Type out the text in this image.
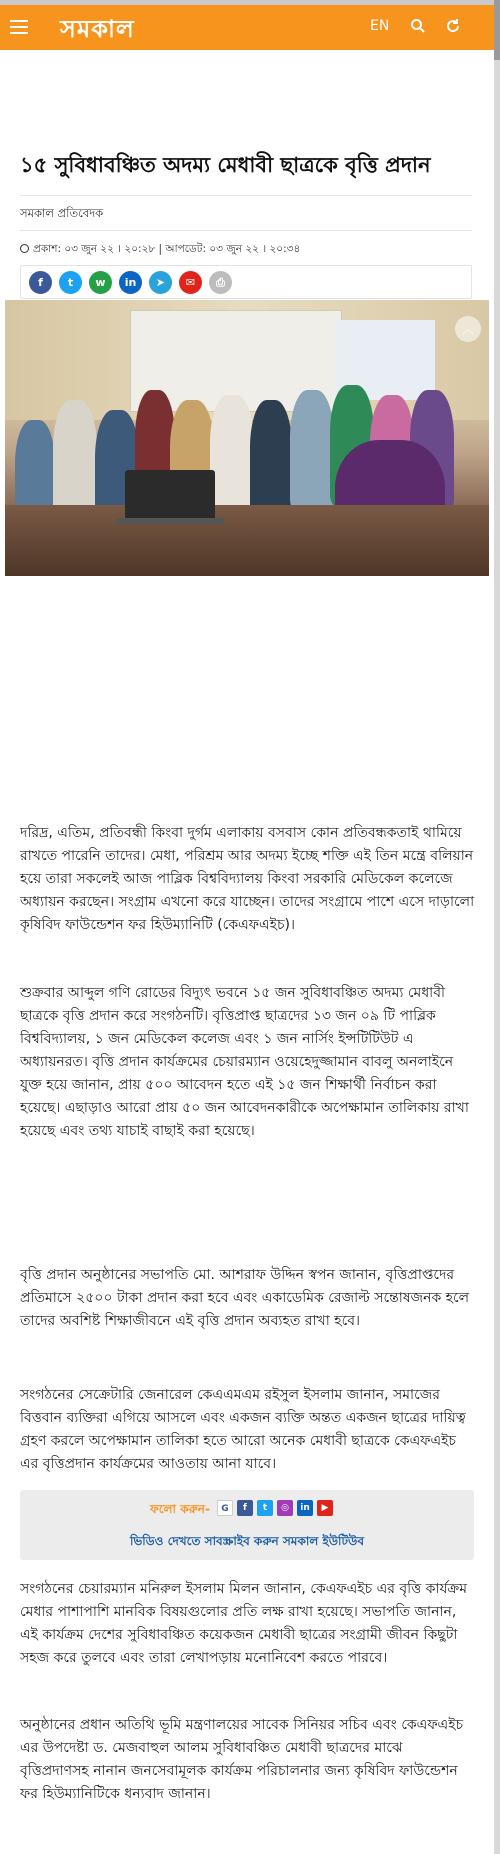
সমকাল	EN
১৫ সুবিধাবঞ্চিত অদম্য মেধাবী ছাত্রকে বৃত্তি প্রদান
সমকাল প্রতিবেদক
প্রকাশ: ০৩ জুন ২২ । ২০:২৮ | আপডেট: ০৩ জুন ২২ । ২০:৩৪
f	t	w	in	➤	✉	⎙
︿

দরিদ্র, এতিম, প্রতিবন্ধী কিংবা দুর্গম এলাকায় বসবাস কোন প্রতিবন্ধকতাই থামিয়ে রাখতে পারেনি তাদের। মেধা, পরিশ্রম আর অদম্য ইচ্ছে শক্তি এই তিন মন্ত্রে বলিয়ান হয়ে তারা সকলেই আজ পাব্লিক বিশ্ববিদ্যালয় কিংবা সরকারি মেডিকেল কলেজে অধ্যায়ন করছেন। সংগ্রাম এখনো করে যাচ্ছেন। তাদের সংগ্রামে পাশে এসে দাড়ালো কৃষিবিদ ফাউন্ডেশন ফর হিউম্যানিটি (কেএফএইচ)।

শুক্রবার আব্দুল গণি রোডের বিদ্যুৎ ভবনে ১৫ জন সুবিধাবঞ্চিত অদম্য মেধাবী ছাত্রকে বৃত্তি প্রদান করে সংগঠনটি। বৃত্তিপ্রাপ্ত ছাত্রদের ১৩ জন ০৯ টি পাব্লিক বিশ্ববিদ্যালয়, ১ জন মেডিকেল কলেজ এবং ১ জন নার্সিং ইন্সটিটিউট এ অধ্যায়নরত। বৃত্তি প্রদান কার্যক্রমের চেয়ারম্যান ওয়েহেদুজ্জামান বাবলু অনলাইনে যুক্ত হয়ে জানান, প্রায় ৫০০ আবেদন হতে এই ১৫ জন শিক্ষার্থী নির্বাচন করা হয়েছে। এছাড়াও আরো প্রায় ৫০ জন আবেদনকারীকে অপেক্ষামান তালিকায় রাখা হয়েছে এবং তথ্য যাচাই বাছাই করা হয়েছে।

বৃত্তি প্রদান অনুষ্ঠানের সভাপতি মো. আশরাফ উদ্দিন স্বপন জানান, বৃত্তিপ্রাপ্তদের প্রতিমাসে ২৫০০ টাকা প্রদান করা হবে এবং একাডেমিক রেজাল্ট সন্তোষজনক হলে তাদের অবশিষ্ট শিক্ষাজীবনে এই বৃত্তি প্রদান অব্যহত রাখা হবে।

সংগঠনের সেক্রেটারি জেনারেল কেএএমএম রইসুল ইসলাম জানান, সমাজের বিত্তবান ব্যক্তিরা এগিয়ে আসলে এবং একজন ব্যক্তি অন্তত একজন ছাত্রের দায়িত্ব গ্রহণ করলে অপেক্ষামান তালিকা হতে আরো অনেক মেধাবী ছাত্রকে কেএফএইচ এর বৃত্তিপ্রদান কার্যক্রমের আওতায় আনা যাবে।

ফলো করুন-	G	f	t	◎	in	▶
ভিডিও দেখতে সাবস্ক্রাইব করুন সমকাল ইউটিউব

সংগঠনের চেয়ারম্যান মনিরুল ইসলাম মিলন জানান, কেএফএইচ এর বৃত্তি কার্যক্রম মেধার পাশাপাশি মানবিক বিষয়গুলোর প্রতি লক্ষ রাখা হয়েছে। সভাপতি জানান, এই কার্যক্রম দেশের সুবিধাবঞ্চিত কয়েকজন মেধাবী ছাত্রের সংগ্রামী জীবন কিছুটা সহজ করে তুলবে এবং তারা লেখাপড়ায় মনোনিবেশ করতে পারবে।

অনুষ্ঠানের প্রধান অতিথি ভূমি মন্ত্রণালয়ের সাবেক সিনিয়র সচিব এবং কেএফএইচ এর উপদেষ্টা ড. মেজবাহুল আলম সুবিধাবঞ্চিত মেধাবী ছাত্রদের মাঝে বৃত্তিপ্রদাণসহ নানান জনসেবামূলক কার্যক্রম পরিচালনার জন্য কৃষিবিদ ফাউন্ডেশন ফর হিউম্যানিটিকে ধন্যবাদ জানান।
